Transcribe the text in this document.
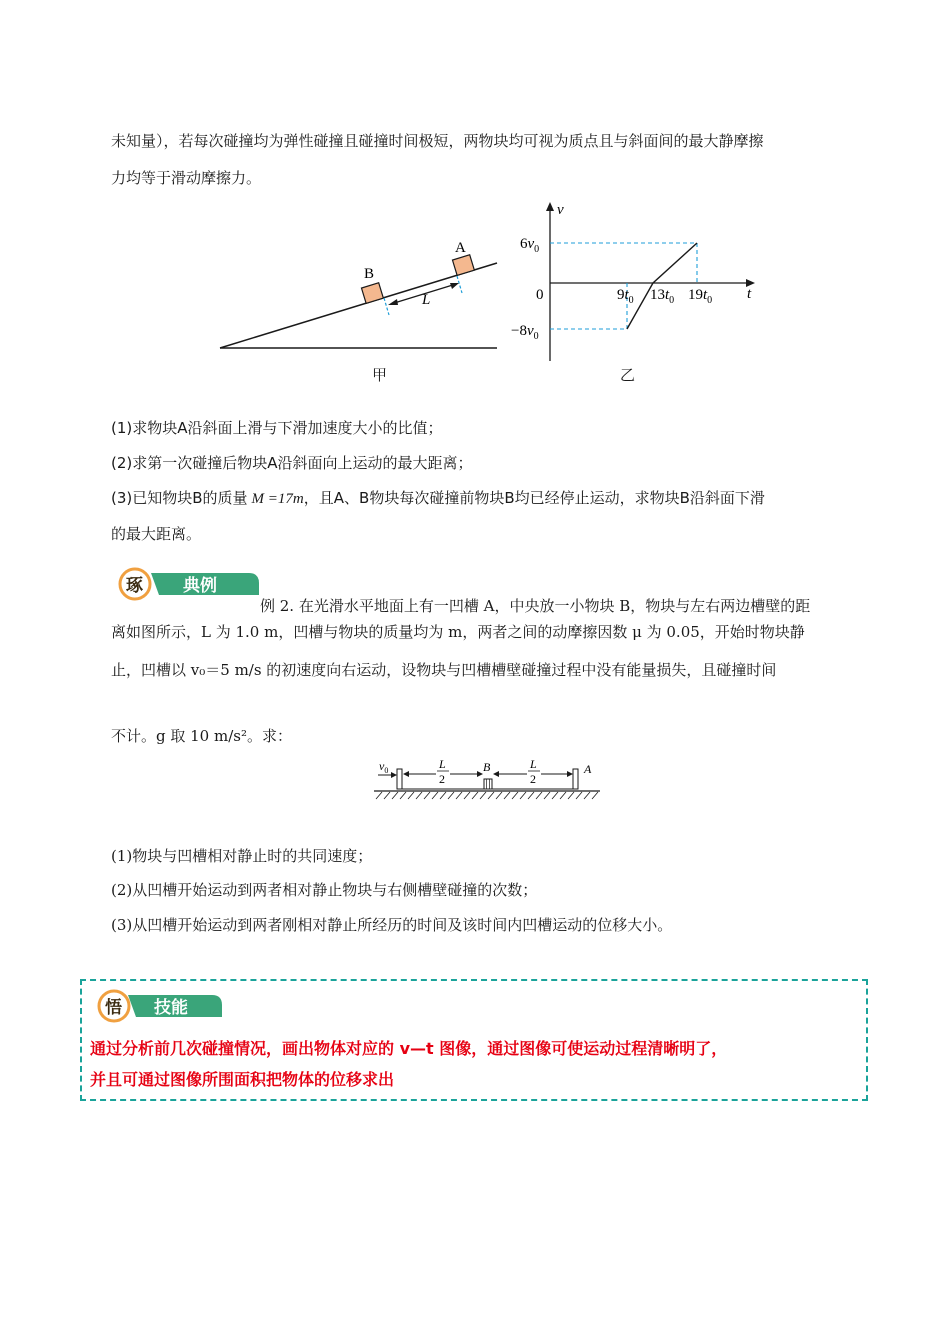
未知量），若每次碰撞均为弹性碰撞且碰撞时间极短，两物块均可视为质点且与斜面间的最大静摩擦
力均等于滑动摩擦力。
B
A
L
甲
v
t
0
$6v_0$
$-8v_0$
$9t_0$ $13t_0$ $19t_0$
乙
(1)求物块A沿斜面上滑与下滑加速度大小的比值；
(2)求第一次碰撞后物块A沿斜面向上运动的最大距离；
(3)已知物块B的质量 M =17m，且A、B物块每次碰撞前物块B均已经停止运动，求物块B沿斜面下滑
的最大距离。
琢 典例
例 2. 在光滑水平地面上有一凹槽 A，中央放一小物块 B，物块与左右两边槽壁的距
离如图所示，L 为 1.0 m，凹槽与物块的质量均为 m，两者之间的动摩擦因数 μ 为 0.05，开始时物块静
止，凹槽以 v₀＝5 m/s 的初速度向右运动，设物块与凹槽槽壁碰撞过程中没有能量损失，且碰撞时间
不计。g 取 10 m/s²。求：
$v_0$	L
2
L
2
B	A
(1)物块与凹槽相对静止时的共同速度；
(2)从凹槽开始运动到两者相对静止物块与右侧槽壁碰撞的次数；
(3)从凹槽开始运动到两者刚相对静止所经历的时间及该时间内凹槽运动的位移大小。
悟 技能
通过分析前几次碰撞情况，画出物体对应的 v—t 图像，通过图像可使运动过程清晰明了，
并且可通过图像所围面积把物体的位移求出
